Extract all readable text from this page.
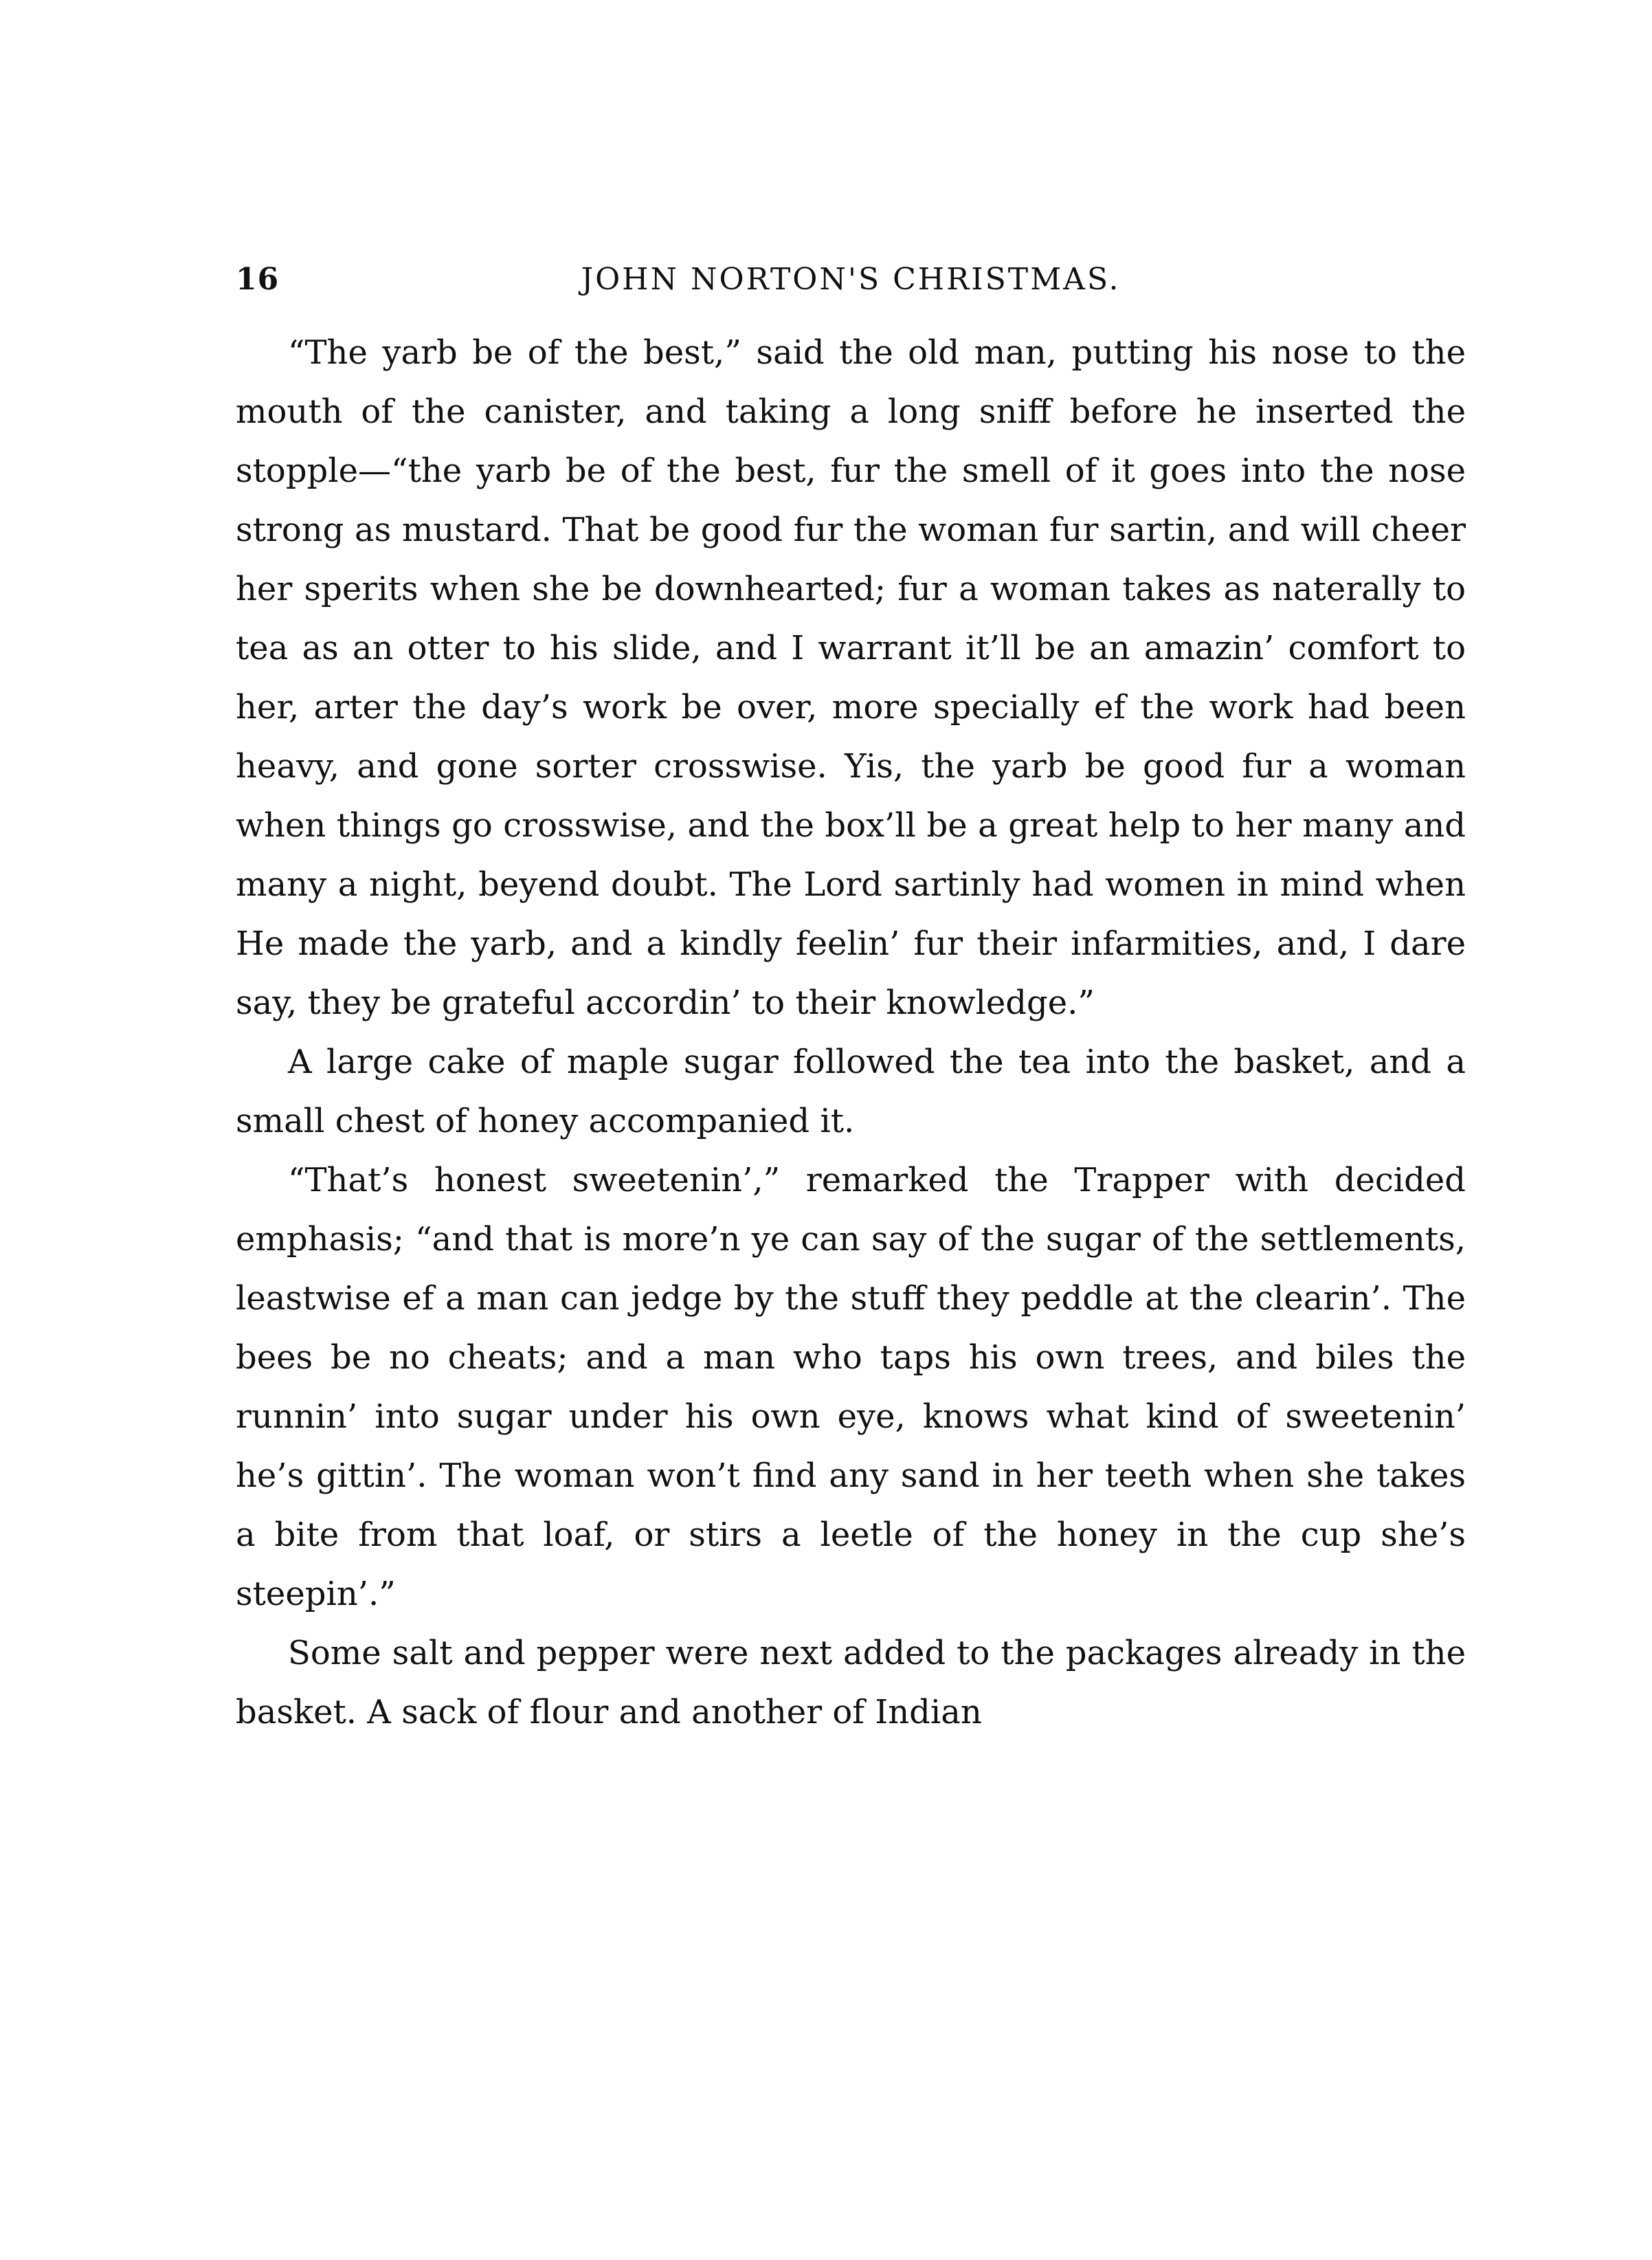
16	JOHN NORTON'S CHRISTMAS.

“The yarb be of the best,” said the old man, putting his nose to the mouth of the canister, and taking a long sniff before he inserted the stopple—“the yarb be of the best, fur the smell of it goes into the nose strong as mustard. That be good fur the woman fur sartin, and will cheer her sperits when she be downhearted; fur a woman takes as naterally to tea as an otter to his slide, and I warrant it’ll be an amazin’ comfort to her, arter the day’s work be over, more specially ef the work had been heavy, and gone sorter crosswise. Yis, the yarb be good fur a woman when things go crosswise, and the box’ll be a great help to her many and many a night, beyend doubt. The Lord sartinly had women in mind when He made the yarb, and a kindly feelin’ fur their infarmities, and, I dare say, they be grateful accordin’ to their knowledge.”

A large cake of maple sugar followed the tea into the basket, and a small chest of honey accompanied it.

“That’s honest sweetenin’,” remarked the Trapper with decided emphasis; “and that is more’n ye can say of the sugar of the settlements, leastwise ef a man can jedge by the stuff they peddle at the clearin’. The bees be no cheats; and a man who taps his own trees, and biles the runnin’ into sugar under his own eye, knows what kind of sweetenin’ he’s gittin’. The woman won’t find any sand in her teeth when she takes a bite from that loaf, or stirs a leetle of the honey in the cup she’s steepin’.”

Some salt and pepper were next added to the packages already in the basket. A sack of flour and another of Indian
